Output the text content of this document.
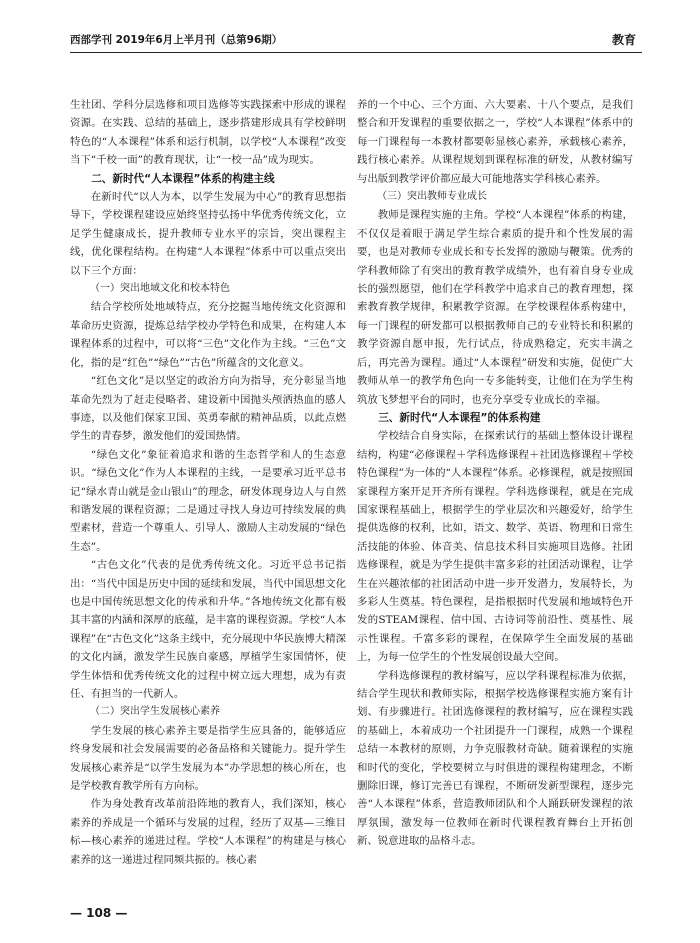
西部学刊 2019年6月上半月刊（总第96期）	教育

生社团、学科分层选修和项目选修等实践探索中形成的课程资源。在实践、总结的基础上，逐步搭建形成具有学校鲜明特色的“人本课程”体系和运行机制，以学校“人本课程”改变当下“千校一面”的教育现状，让“一校一品”成为现实。

二、新时代“人本课程”体系的构建主线

在新时代“以人为本，以学生发展为中心”的教育思想指导下，学校课程建设应始终坚持弘扬中华优秀传统文化，立足学生健康成长，提升教师专业水平的宗旨，突出课程主线，优化课程结构。在构建“人本课程”体系中可以重点突出以下三个方面：

（一）突出地域文化和校本特色

结合学校所处地域特点，充分挖掘当地传统文化资源和革命历史资源，提炼总结学校办学特色和成果，在构建人本课程体系的过程中，可以将“三色”文化作为主线。“三色”文化，指的是“红色”“绿色”“古色”所蕴含的文化意义。

“红色文化”是以坚定的政治方向为指导，充分彰显当地革命先烈为了赶走侵略者、建设新中国抛头颅洒热血的感人事迹，以及他们保家卫国、英勇奉献的精神品质，以此点燃学生的青春梦，激发他们的爱国热情。

“绿色文化”象征着追求和谐的生态哲学和人的生态意识。“绿色文化”作为人本课程的主线，一是要承习近平总书记“绿水青山就是金山银山”的理念，研发体现身边人与自然和谐发展的课程资源；二是通过寻找人身边可持续发展的典型素材，营造一个尊重人、引导人、激励人主动发展的“绿色生态”。

“古色文化”代表的是优秀传统文化。习近平总书记指出：“当代中国是历史中国的延续和发展，当代中国思想文化也是中国传统思想文化的传承和升华。”各地传统文化都有极其丰富的内涵和深厚的底蕴，是丰富的课程资源。学校“人本课程”在“古色文化”这条主线中，充分展现中华民族博大精深的文化内涵，激发学生民族自豪感，厚植学生家国情怀，使学生体悟和优秀传统文化的过程中树立远大理想，成为有责任、有担当的一代新人。

（二）突出学生发展核心素养

学生发展的核心素养主要是指学生应具备的，能够适应终身发展和社会发展需要的必备品格和关键能力。提升学生发展核心素养是“以学生发展为本”办学思想的核心所在，也是学校教育教学所有方向标。

作为身处教育改革前沿阵地的教育人，我们深知，核心素养的养成是一个循环与发展的过程，经历了双基—三维目标—核心素养的递进过程。学校“人本课程”的构建是与核心素养的这一递进过程同频共振的。核心素

养的一个中心、三个方面、六大要素、十八个要点，是我们整合和开发课程的重要依据之一，学校“人本课程”体系中的每一门课程每一本教材都要彰显核心素养，承载核心素养，践行核心素养。从课程规划到课程标准的研发，从教材编写与出版到教学评价都应最大可能地落实学科核心素养。

（三）突出教师专业成长

教师是课程实施的主角。学校“人本课程”体系的构建，不仅仅是着眼于满足学生综合素质的提升和个性发展的需要，也是对教师专业成长和专长发挥的激励与鞭策。优秀的学科教师除了有突出的教育教学成绩外，也有着自身专业成长的强烈愿望，他们在学科教学中追求自己的教育理想，探索教育教学规律，积累教学资源。在学校课程体系构建中，每一门课程的研发都可以根据教师自己的专业特长和积累的教学资源自愿申报，先行试点，待成熟稳定，充实丰满之后，再完善为课程。通过“人本课程”研发和实施，促使广大教师从单一的教学角色向一专多能转变，让他们在为学生构筑放飞梦想平台的同时，也充分享受专业成长的幸福。

三、新时代“人本课程”的体系构建

学校结合自身实际，在探索试行的基础上整体设计课程结构，构建“必修课程＋学科选修课程＋社团选修课程＋学校特色课程”为一体的“人本课程”体系。必修课程，就是按照国家课程方案开足开齐所有课程。学科选修课程，就是在完成国家课程基础上，根据学生的学业层次和兴趣爱好，给学生提供选修的权利，比如，语文、数学、英语、物理和日常生活技能的体验、体音美、信息技术科目实施项目选修。社团选修课程，就是为学生提供丰富多彩的社团活动课程，让学生在兴趣浓郁的社团活动中进一步开发潜力，发展特长，为多彩人生奠基。特色课程，是指根据时代发展和地域特色开发的STEAM课程、信中国、古诗词等前沿性、奠基性、展示性课程。千富多彩的课程，在保障学生全面发展的基础上，为每一位学生的个性发展创设最大空间。

学科选修课程的教材编写，应以学科课程标准为依据，结合学生现状和教师实际，根据学校选修课程实施方案有计划、有步骤进行。社团选修课程的教材编写，应在课程实践的基础上，本着成功一个社团提升一门课程，成熟一个课程总结一本教材的原则，力争克服教材奇缺。随着课程的实施和时代的变化，学校要树立与时俱进的课程构建理念，不断删除旧课，修订完善已有课程，不断研发新型课程，逐步完善“人本课程”体系，营造教师团队和个人踊跃研发课程的浓厚氛围，激发每一位教师在新时代课程教育舞台上开拓创新、锐意进取的品格斗志。

— 108 —
